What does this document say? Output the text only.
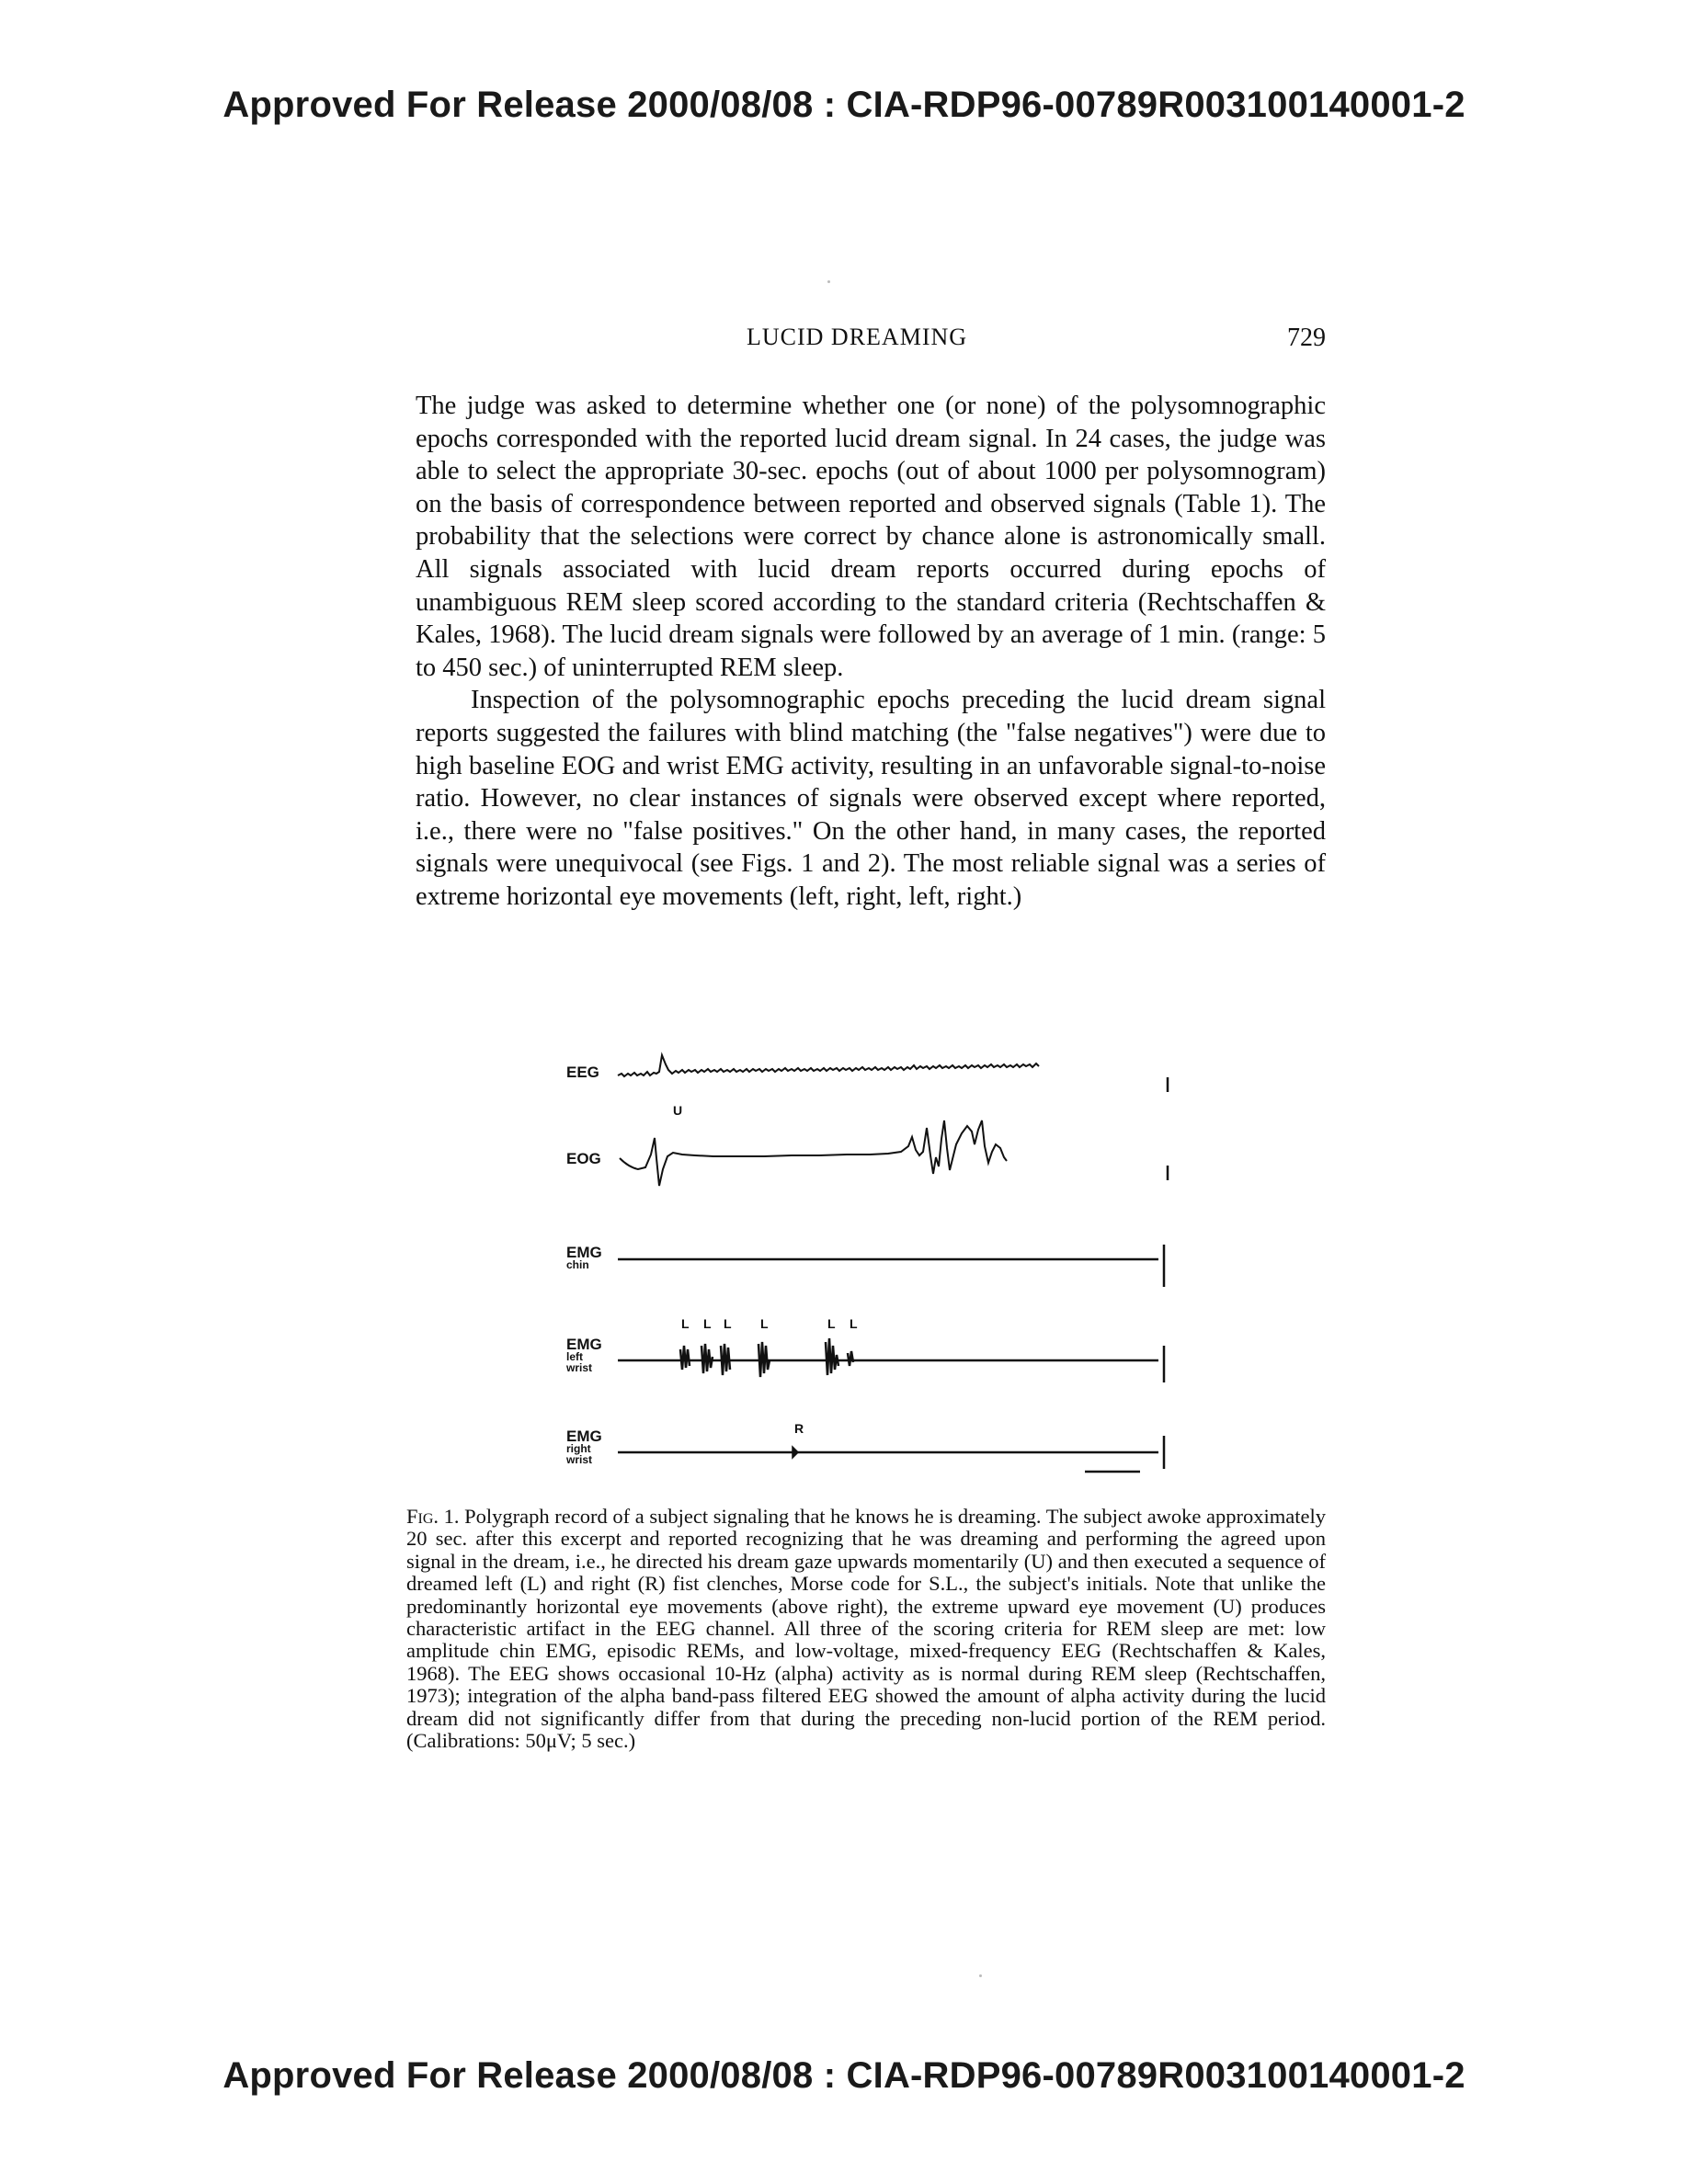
Approved For Release 2000/08/08 : CIA-RDP96-00789R003100140001-2
LUCID DREAMING	729

The judge was asked to determine whether one (or none) of the polysomnographic epochs corresponded with the reported lucid dream signal. In 24 cases, the judge was able to select the appropriate 30-sec. epochs (out of about 1000 per polysomnogram) on the basis of correspondence between reported and observed signals (Table 1). The probability that the selections were correct by chance alone is astronomically small. All signals associated with lucid dream reports occurred during epochs of unambiguous REM sleep scored according to the standard criteria (Rechtschaffen & Kales, 1968). The lucid dream signals were followed by an average of 1 min. (range: 5 to 450 sec.) of uninterrupted REM sleep.

Inspection of the polysomnographic epochs preceding the lucid dream signal reports suggested the failures with blind matching (the "false negatives") were due to high baseline EOG and wrist EMG activity, resulting in an unfavorable signal-to-noise ratio. However, no clear instances of signals were observed except where reported, i.e., there were no "false positives." On the other hand, in many cases, the reported signals were unequivocal (see Figs. 1 and 2). The most reliable signal was a series of extreme horizontal eye movements (left, right, left, right.)

EEG
EOG
EMG
chin
EMG
left
wrist
EMG
right
wrist
U
L L L L	L L
R
Fig. 1. Polygraph record of a subject signaling that he knows he is dreaming. The subject awoke approximately 20 sec. after this excerpt and reported recognizing that he was dreaming and performing the agreed upon signal in the dream, i.e., he directed his dream gaze upwards momentarily (U) and then executed a sequence of dreamed left (L) and right (R) fist clenches, Morse code for S.L., the subject's initials. Note that unlike the predominantly horizontal eye movements (above right), the extreme upward eye movement (U) produces characteristic artifact in the EEG channel. All three of the scoring criteria for REM sleep are met: low amplitude chin EMG, episodic REMs, and low-voltage, mixed-frequency EEG (Rechtschaffen & Kales, 1968). The EEG shows occasional 10-Hz (alpha) activity as is normal during REM sleep (Rechtschaffen, 1973); integration of the alpha band-pass filtered EEG showed the amount of alpha activity during the lucid dream did not significantly differ from that during the preceding non-lucid portion of the REM period. (Calibrations: 50μV; 5 sec.)
Approved For Release 2000/08/08 : CIA-RDP96-00789R003100140001-2
